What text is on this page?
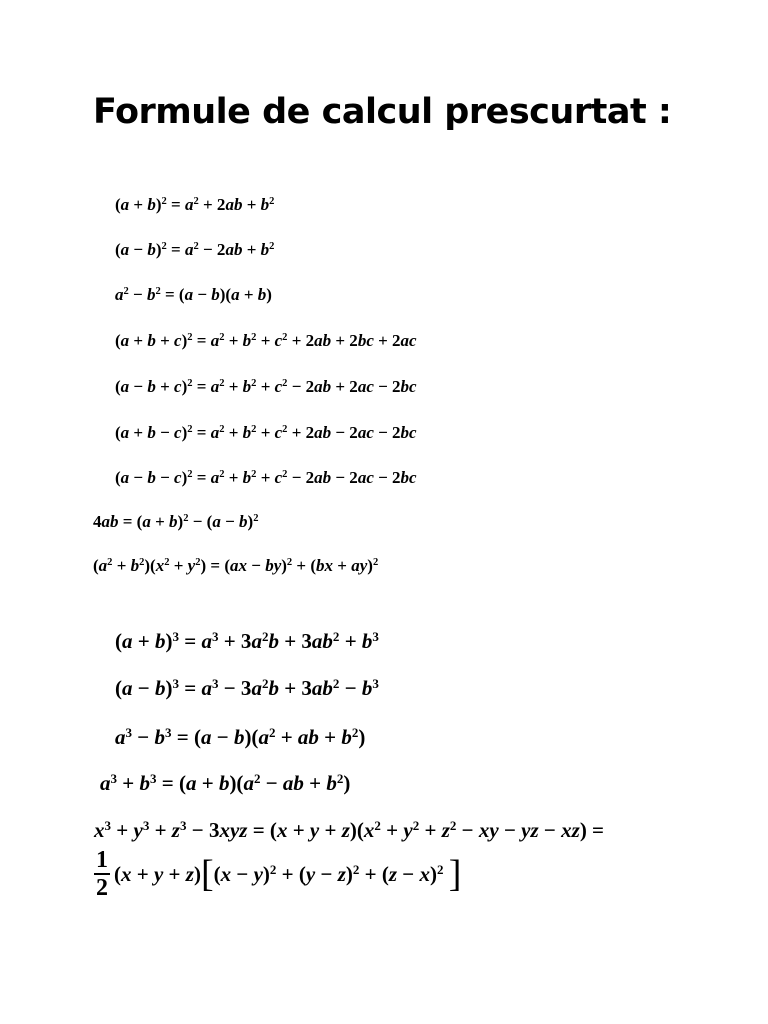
Formule de calcul prescurtat :
$(a + b)^2 = a^2 + 2ab + b^2$
$(a - b)^2 = a^2 - 2ab + b^2$
$a^2 - b^2 = (a - b)(a + b)$
$(a + b + c)^2 = a^2 + b^2 + c^2 + 2ab + 2bc + 2ac$
$(a - b + c)^2 = a^2 + b^2 + c^2 - 2ab + 2ac - 2bc$
$(a + b - c)^2 = a^2 + b^2 + c^2 + 2ab - 2ac - 2bc$
$(a - b - c)^2 = a^2 + b^2 + c^2 - 2ab - 2ac - 2bc$
$4ab = (a + b)^2 - (a - b)^2$
$(a^2 + b^2)(x^2 + y^2) = (ax - by)^2 + (bx + ay)^2$
$(a + b)^3 = a^3 + 3a^2b + 3ab^2 + b^3$
$(a - b)^3 = a^3 - 3a^2b + 3ab^2 - b^3$
$a^3 - b^3 = (a - b)(a^2$ + ab + $b^2$)
$a^3 + b^3 = (a + b)(a^2$ − ab + $b^2$)
$x^3 + y^3 + z^3 - 3xyz = (x + y + z)(x^2 + y^2 + z^2$ − xy − yz − xz) =
$\frac{1}{2} (x + y + z)[(x - y)^2 + (y - z)^2 + (z - x)^2$ ]
